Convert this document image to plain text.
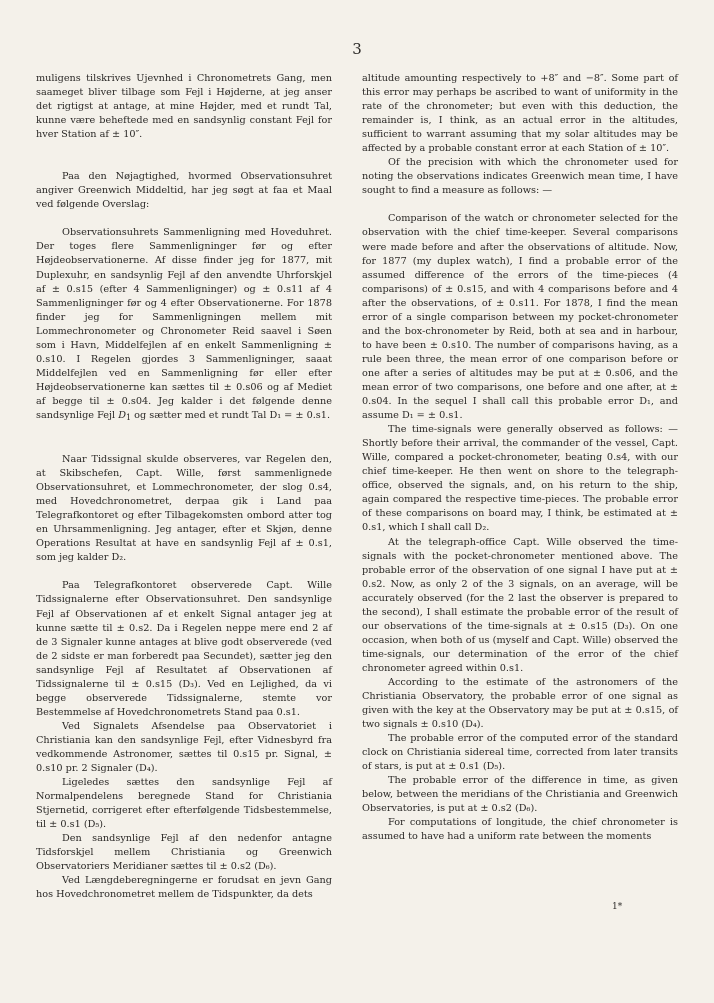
3

muligens tilskrives Ujevnhed i Chronometrets Gang, men saameget bliver tilbage som Fejl i Højderne, at jeg anser det rigtigst at antage, at mine Højder, med et rundt Tal, kunne være beheftede med en sandsynlig constant Fejl for hver Station af ± 10″.

Paa den Nøjagtighed, hvormed Observationsuhret angiver Greenwich Middeltid, har jeg søgt at faa et Maal ved følgende Overslag:

Observationsuhrets Sammenligning med Hoveduhret. Der toges flere Sammenligninger før og efter Højdeobservationerne. Af disse finder jeg for 1877, mit Duplexuhr, en sandsynlig Fejl af den anvendte Uhrforskjel af ± 0.s15 (efter 4 Sammenligninger) og ± 0.s11 af 4 Sammenligninger før og 4 efter Observationerne. For 1878 finder jeg for Sammenligningen mellem mit Lommechronometer og Chronometer Reid saavel i Søen som i Havn, Middelfejlen af en enkelt Sammenligning ± 0.s10. I Regelen gjordes 3 Sammenligninger, saaat Middelfejlen ved en Sammenligning før eller efter Højdeobservationerne kan sættes til ± 0.s06 og af Mediet af begge til ± 0.s04. Jeg kalder i det følgende denne sandsynlige Fejl $D_1$ og sætter med et rundt Tal D₁ = ± 0.s1.

Naar Tidssignal skulde observeres, var Regelen den, at Skibschefen, Capt. Wille, først sammenlignede Observationsuhret, et Lommechronometer, der slog 0.s4, med Hovedchronometret, derpaa gik i Land paa Telegrafkontoret og efter Tilbagekomsten ombord atter tog en Uhrsammenligning. Jeg antager, efter et Skjøn, denne Operations Resultat at have en sandsynlig Fejl af ± 0.s1, som jeg kalder D₂.

Paa Telegrafkontoret observerede Capt. Wille Tidssignalerne efter Observationsuhret. Den sandsynlige Fejl af Observationen af et enkelt Signal antager jeg at kunne sætte til ± 0.s2. Da i Regelen neppe mere end 2 af de 3 Signaler kunne antages at blive godt observerede (ved de 2 sidste er man forberedt paa Secundet), sætter jeg den sandsynlige Fejl af Resultatet af Observationen af Tidssignalerne til ± 0.s15 (D₃). Ved en Lejlighed, da vi begge observerede Tidssignalerne, stemte vor Bestemmelse af Hovedchronometrets Stand paa 0.s1.

Ved Signalets Afsendelse paa Observatoriet i Christiania kan den sandsynlige Fejl, efter Vidnesbyrd fra vedkommende Astronomer, sættes til 0.s15 pr. Signal, ± 0.s10 pr. 2 Signaler (D₄).

Ligeledes sættes den sandsynlige Fejl af Normalpendelens beregnede Stand for Christiania Stjernetid, corrigeret efter efterfølgende Tidsbestemmelse, til ± 0.s1 (D₅).

Den sandsynlige Fejl af den nedenfor antagne Tidsforskjel mellem Christiania og Greenwich Observatoriers Meridianer sættes til ± 0.s2 (D₆).

Ved Længdeberegningerne er forudsat en jevn Gang hos Hovedchronometret mellem de Tidspunkter, da dets

altitude amounting respectively to +8″ and −8″. Some part of this error may perhaps be ascribed to want of uniformity in the rate of the chronometer; but even with this deduction, the remainder is, I think, as an actual error in the altitudes, sufficient to warrant assuming that my solar altitudes may be affected by a probable constant error at each Station of ± 10″.

Of the precision with which the chronometer used for noting the observations indicates Greenwich mean time, I have sought to find a measure as follows: —

Comparison of the watch or chronometer selected for the observation with the chief time-keeper. Several comparisons were made before and after the observations of altitude. Now, for 1877 (my duplex watch), I find a probable error of the assumed difference of the errors of the time-pieces (4 comparisons) of ± 0.s15, and with 4 comparisons before and 4 after the observations, of ± 0.s11. For 1878, I find the mean error of a single comparison between my pocket-chronometer and the box-chronometer by Reid, both at sea and in harbour, to have been ± 0.s10. The number of comparisons having, as a rule been three, the mean error of one comparison before or one after a series of altitudes may be put at ± 0.s06, and the mean error of two comparisons, one before and one after, at ± 0.s04. In the sequel I shall call this probable error D₁, and assume D₁ = ± 0.s1.

The time-signals were generally observed as follows: — Shortly before their arrival, the commander of the vessel, Capt. Wille, compared a pocket-chronometer, beating 0.s4, with our chief time-keeper. He then went on shore to the telegraph-office, observed the signals, and, on his return to the ship, again compared the respective time-pieces. The probable error of these comparisons on board may, I think, be estimated at ± 0.s1, which I shall call D₂.

At the telegraph-office Capt. Wille observed the time-signals with the pocket-chronometer mentioned above. The probable error of the observation of one signal I have put at ± 0.s2. Now, as only 2 of the 3 signals, on an average, will be accurately observed (for the 2 last the observer is prepared to the second), I shall estimate the probable error of the result of our observations of the time-signals at ± 0.s15 (D₃). On one occasion, when both of us (myself and Capt. Wille) observed the time-signals, our determination of the error of the chief chronometer agreed within 0.s1.

According to the estimate of the astronomers of the Christiania Observatory, the probable error of one signal as given with the key at the Observatory may be put at ± 0.s15, of two signals ± 0.s10 (D₄).

The probable error of the computed error of the standard clock on Christiania sidereal time, corrected from later transits of stars, is put at ± 0.s1 (D₅).

The probable error of the difference in time, as given below, between the meridians of the Christiania and Greenwich Observatories, is put at ± 0.s2 (D₆).

For computations of longitude, the chief chronometer is assumed to have had a uniform rate between the moments

1*
